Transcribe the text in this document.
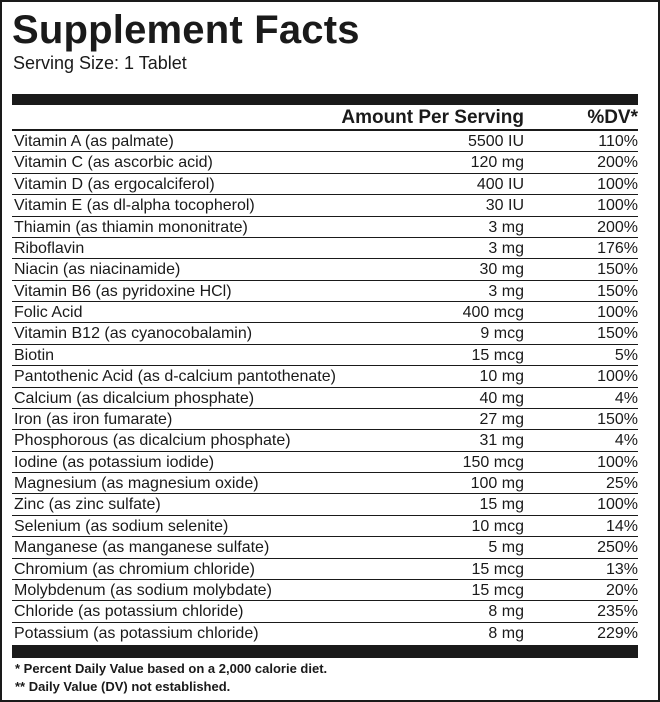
Supplement Facts
Serving Size: 1 Tablet
Amount Per Serving	%DV*
Vitamin A (as palmate)	5500 IU	110%
Vitamin C (as ascorbic acid)	120 mg	200%
Vitamin D (as ergocalciferol)	400 IU	100%
Vitamin E (as dl-alpha tocopherol)	30 IU	100%
Thiamin (as thiamin mononitrate)	3 mg	200%
Riboflavin	3 mg	176%
Niacin (as niacinamide)	30 mg	150%
Vitamin B6 (as pyridoxine HCl)	3 mg	150%
Folic Acid	400 mcg	100%
Vitamin B12 (as cyanocobalamin)	9 mcg	150%
Biotin	15 mcg	5%
Pantothenic Acid (as d-calcium pantothenate)	10 mg	100%
Calcium (as dicalcium phosphate)	40 mg	4%
Iron (as iron fumarate)	27 mg	150%
Phosphorous (as dicalcium phosphate)	31 mg	4%
Iodine (as potassium iodide)	150 mcg	100%
Magnesium (as magnesium oxide)	100 mg	25%
Zinc (as zinc sulfate)	15 mg	100%
Selenium (as sodium selenite)	10 mcg	14%
Manganese (as manganese sulfate)	5 mg	250%
Chromium (as chromium chloride)	15 mcg	13%
Molybdenum (as sodium molybdate)	15 mcg	20%
Chloride (as potassium chloride)	8 mg	235%
Potassium (as potassium chloride)	8 mg	229%
* Percent Daily Value based on a 2,000 calorie diet.
** Daily Value (DV) not established.
